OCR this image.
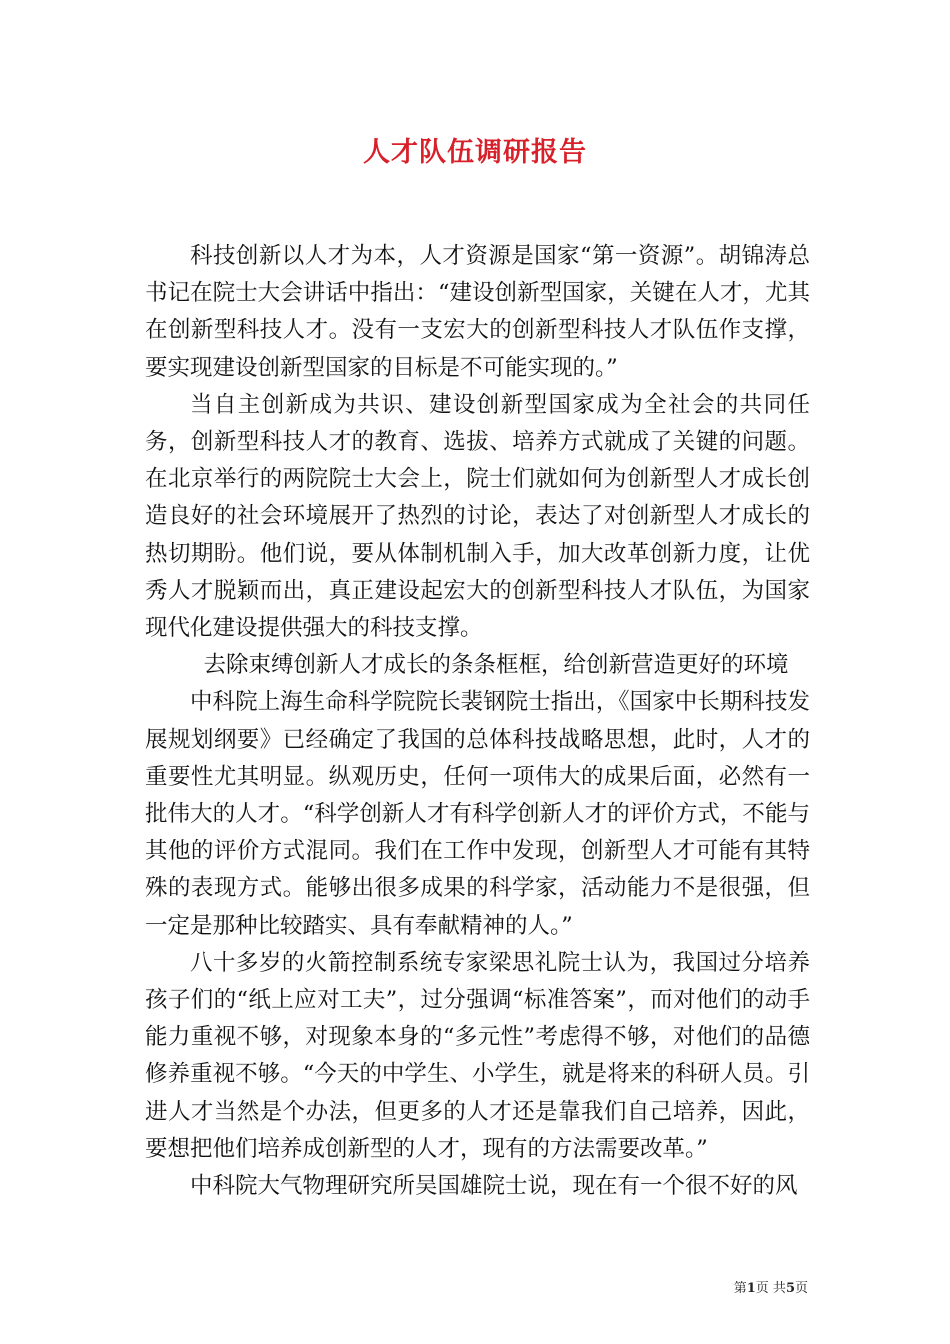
人才队伍调研报告

科技创新以人才为本，人才资源是国家“第一资源”。胡锦涛总书记在院士大会讲话中指出：“建设创新型国家，关键在人才，尤其在创新型科技人才。没有一支宏大的创新型科技人才队伍作支撑，要实现建设创新型国家的目标是不可能实现的。”

当自主创新成为共识、建设创新型国家成为全社会的共同任务，创新型科技人才的教育、选拔、培养方式就成了关键的问题。在北京举行的两院院士大会上，院士们就如何为创新型人才成长创造良好的社会环境展开了热烈的讨论，表达了对创新型人才成长的热切期盼。他们说，要从体制机制入手，加大改革创新力度，让优秀人才脱颖而出，真正建设起宏大的创新型科技人才队伍，为国家现代化建设提供强大的科技支撑。

去除束缚创新人才成长的条条框框，给创新营造更好的环境

中科院上海生命科学院院长裴钢院士指出，《国家中长期科技发展规划纲要》已经确定了我国的总体科技战略思想，此时，人才的重要性尤其明显。纵观历史，任何一项伟大的成果后面，必然有一批伟大的人才。“科学创新人才有科学创新人才的评价方式，不能与其他的评价方式混同。我们在工作中发现，创新型人才可能有其特殊的表现方式。能够出很多成果的科学家，活动能力不是很强，但一定是那种比较踏实、具有奉献精神的人。”

八十多岁的火箭控制系统专家梁思礼院士认为，我国过分培养孩子们的“纸上应对工夫”，过分强调“标准答案”，而对他们的动手能力重视不够，对现象本身的“多元性”考虑得不够，对他们的品德修养重视不够。“今天的中学生、小学生，就是将来的科研人员。引进人才当然是个办法，但更多的人才还是靠我们自己培养，因此，要想把他们培养成创新型的人才，现有的方法需要改革。”

中科院大气物理研究所吴国雄院士说，现在有一个很不好的风

第1页 共5页
